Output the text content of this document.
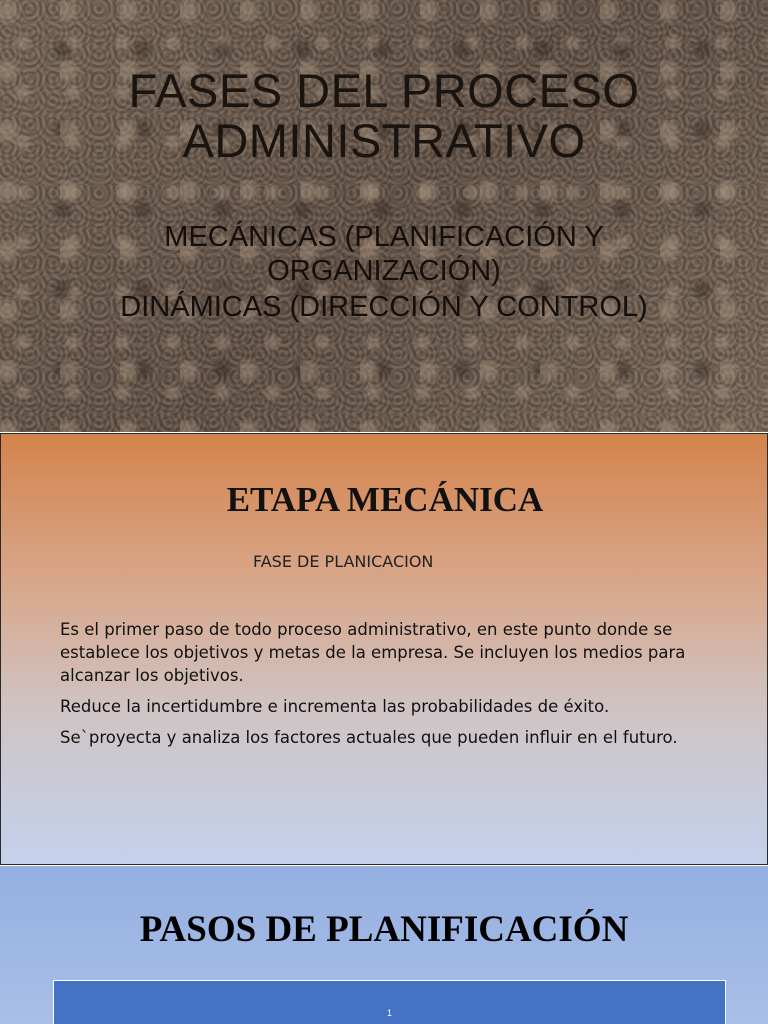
FASES DEL PROCESO
ADMINISTRATIVO
MECÁNICAS (PLANIFICACIÓN Y
ORGANIZACIÓN)
DINÁMICAS (DIRECCIÓN Y CONTROL)
ETAPA MECÁNICA
FASE DE PLANICACION

Es el primer paso de todo proceso administrativo, en este punto donde se establece los objetivos y metas de la empresa. Se incluyen los medios para alcanzar los objetivos.

Reduce la incertidumbre e incrementa las probabilidades de éxito.

Se`proyecta y analiza los factores actuales que pueden influir en el futuro.

PASOS DE PLANIFICACIÓN
1
